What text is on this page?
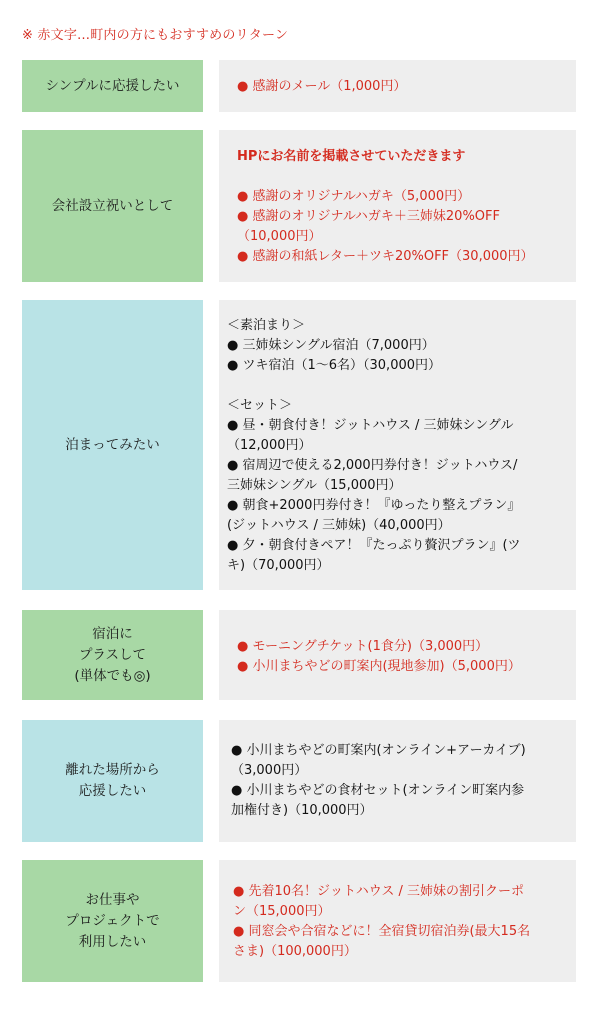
※ 赤文字…町内の方にもおすすめのリターン
シンプルに応援したい	● 感謝のメール（1,000円）

会社設立祝いとして

HPにお名前を掲載させていただきます

● 感謝のオリジナルハガキ（5,000円）

● 感謝のオリジナルハガキ＋三姉妹20%OFF

（10,000円）

● 感謝の和紙レター＋ツキ20%OFF（30,000円）

泊まってみたい

＜素泊まり＞

● 三姉妹シングル宿泊（7,000円）

● ツキ宿泊（1〜6名）（30,000円）

＜セット＞

● 昼・朝食付き！ジットハウス / 三姉妹シングル

（12,000円）

● 宿周辺で使える2,000円券付き！ジットハウス/

三姉妹シングル（15,000円）

● 朝食+2000円券付き！『ゆったり整えプラン』

(ジットハウス / 三姉妹)（40,000円）

● 夕・朝食付きペア！『たっぷり贅沢プラン』(ツ

キ)（70,000円）

宿泊に
プラスして
(単体でも◎)

● モーニングチケット(1食分)（3,000円）

● 小川まちやどの町案内(現地参加)（5,000円）

離れた場所から
応援したい

● 小川まちやどの町案内(オンライン+アーカイブ)

（3,000円）

● 小川まちやどの食材セット(オンライン町案内参

加権付き)（10,000円）

お仕事や
プロジェクトで
利用したい

● 先着10名！ジットハウス / 三姉妹の割引クーポ

ン（15,000円）

● 同窓会や合宿などに！全宿貸切宿泊券(最大15名

さま)（100,000円）
